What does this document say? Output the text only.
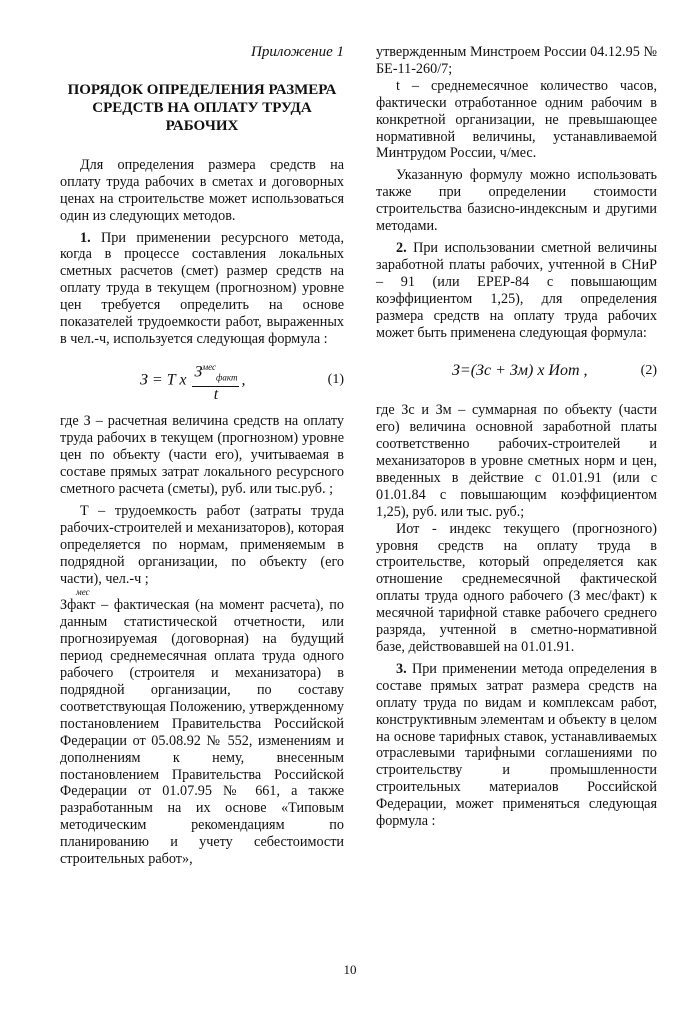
Приложение 1

ПОРЯДОК ОПРЕДЕЛЕНИЯ РАЗМЕРА СРЕДСТВ НА ОПЛАТУ ТРУДА РАБОЧИХ

Для определения размера средств на оплату труда рабочих в сметах и договорных ценах на строительстве может использоваться один из следующих методов.

1. При применении ресурсного метода, когда в процессе составления локальных сметных расчетов (смет) размер средств на оплату труда в текущем (прогнозном) уровне цен требуется определить на основе показателей трудоемкости работ, выраженных в чел.-ч, используется следующая формула :

З = T x $\frac{З^{мес}_{факт}}{t}$ ,	(1)

где З – расчетная величина средств на оплату труда рабочих в текущем (прогнозном) уровне цен по объекту (части его), учитываемая в составе прямых затрат локального ресурсного сметного расчета (сметы), руб. или тыс.руб. ;

T – трудоемкость работ (затраты труда рабочих-строителей и механизаторов), которая определяется по нормам, применяемым в подрядной организации, по объекту (его части), чел.-ч ;

мес

Зфакт – фактическая (на момент расчета), по данным статистической отчетности, или прогнозируемая (договорная) на будущий период среднемесячная оплата труда одного рабочего (строителя и механизатора) в подрядной организации, по составу соответствующая Положению, утвержденному постановлением Правительства Российской Федерации от 05.08.92 № 552, изменениям и дополнениям к нему, внесенным постановлением Правительства Российской Федерации от 01.07.95 № 661, а также разработанным на их основе «Типовым методическим рекомендациям по планированию и учету себестоимости строительных работ»,

утвержденным Минстроем России 04.12.95 № БЕ-11-260/7;

t – среднемесячное количество часов, фактически отработанное одним рабочим в конкретной организации, не превышающее нормативной величины, устанавливаемой Минтрудом России, ч/мес.

Указанную формулу можно использовать также при определении стоимости строительства базисно-индексным и другими методами.

2. При использовании сметной величины заработной платы рабочих, учтенной в СНиР – 91 (или ЕРЕР-84 с повышающим коэффициентом 1,25), для определения размера средств на оплату труда рабочих может быть применена следующая формула:

З=(Зс + Зм) x Иот ,	(2)

где Зс и Зм – суммарная по объекту (части его) величина основной заработной платы соответственно рабочих-строителей и механизаторов в уровне сметных норм и цен, введенных в действие с 01.01.91 (или с 01.01.84 с повышающим коэффициентом 1,25), руб. или тыс. руб.;

Иот - индекс текущего (прогнозного) уровня средств на оплату труда в строительстве, который определяется как отношение среднемесячной фактической оплаты труда одного рабочего (З мес/факт) к месячной тарифной ставке рабочего среднего разряда, учтенной в сметно-нормативной базе, действовавшей на 01.01.91.

3. При применении метода определения в составе прямых затрат размера средств на оплату труда по видам и комплексам работ, конструктивным элементам и объекту в целом на основе тарифных ставок, устанавливаемых отраслевыми тарифными соглашениями по строительству и промышленности строительных материалов Российской Федерации, может применяться следующая формула :

10
